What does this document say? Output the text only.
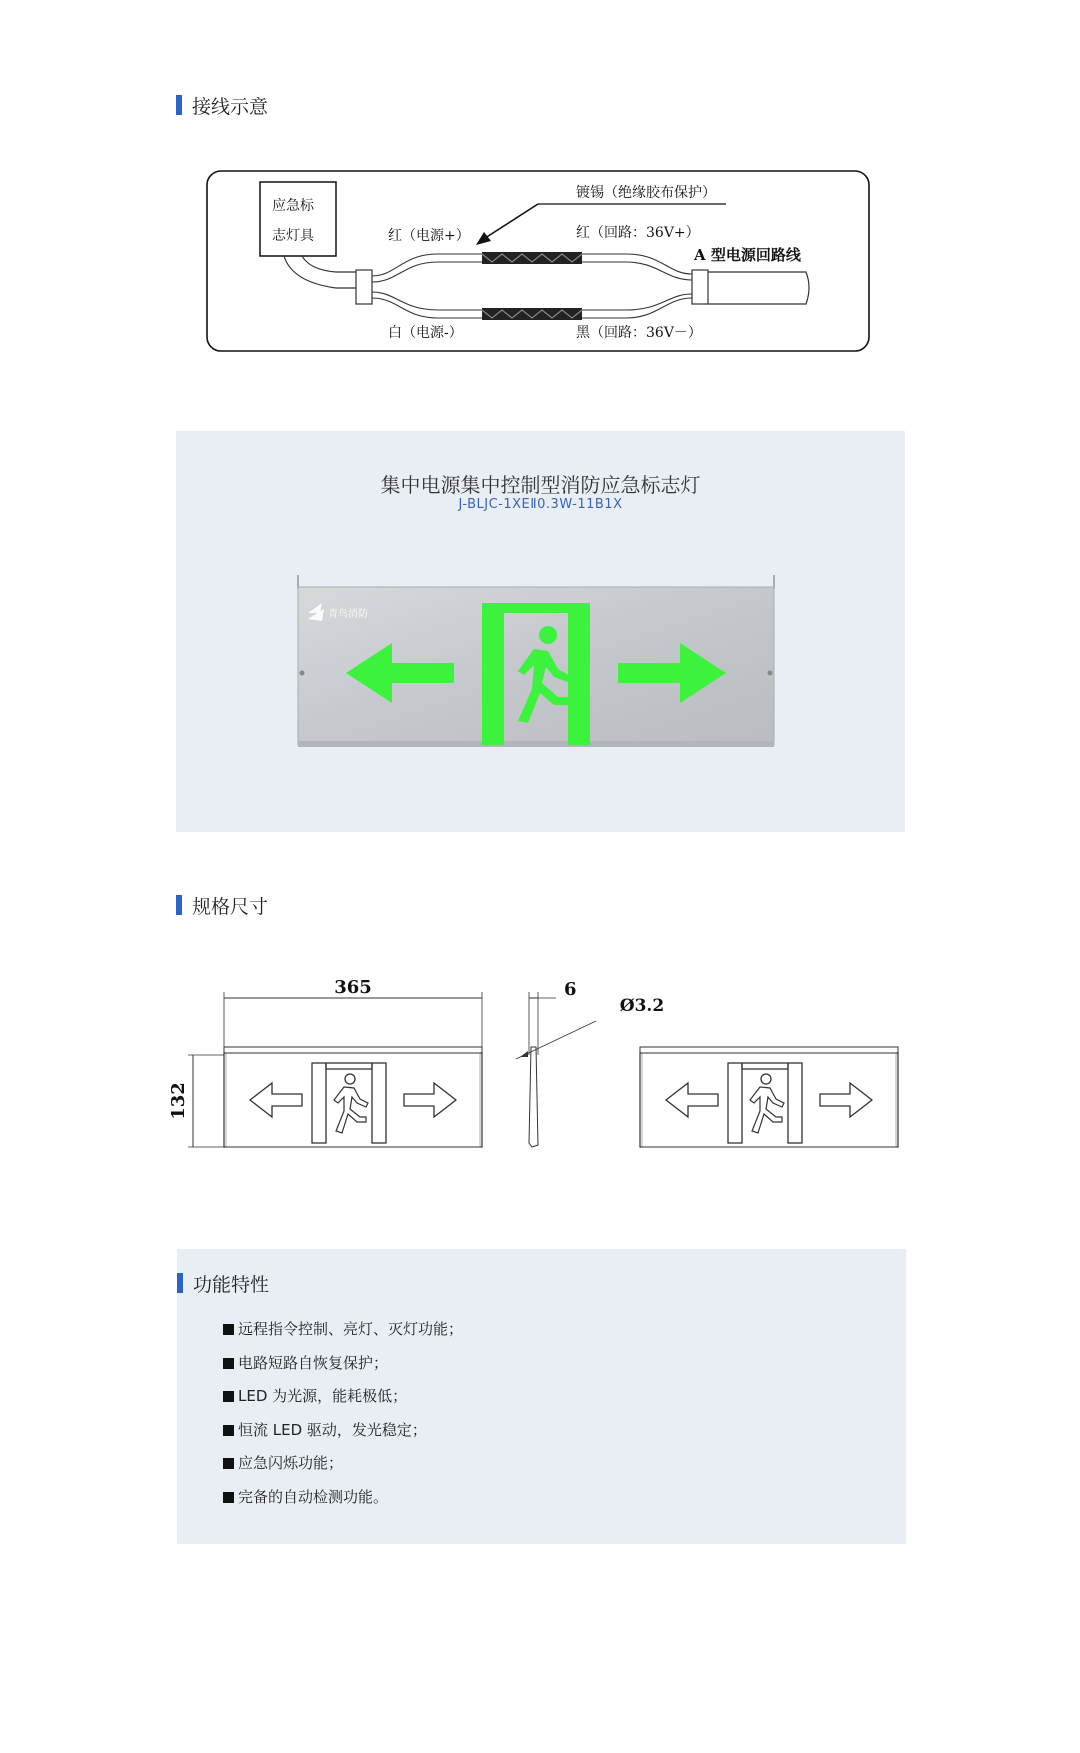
接线示意
应急标
志灯具
镀锡（绝缘胶布保护）
红（电源+）	红（回路：36V+）
A 型电源回路线
白（电源-）	黑（回路：36V－）
集中电源集中控制型消防应急标志灯
J-BLJC-1XEⅡ0.3W-11B1X
青鸟消防
规格尺寸
365
132
6
Ø3.2
功能特性
远程指令控制、亮灯、灭灯功能；
电路短路自恢复保护；
LED 为光源，能耗极低；
恒流 LED 驱动，发光稳定；
应急闪烁功能；
完备的自动检测功能。
